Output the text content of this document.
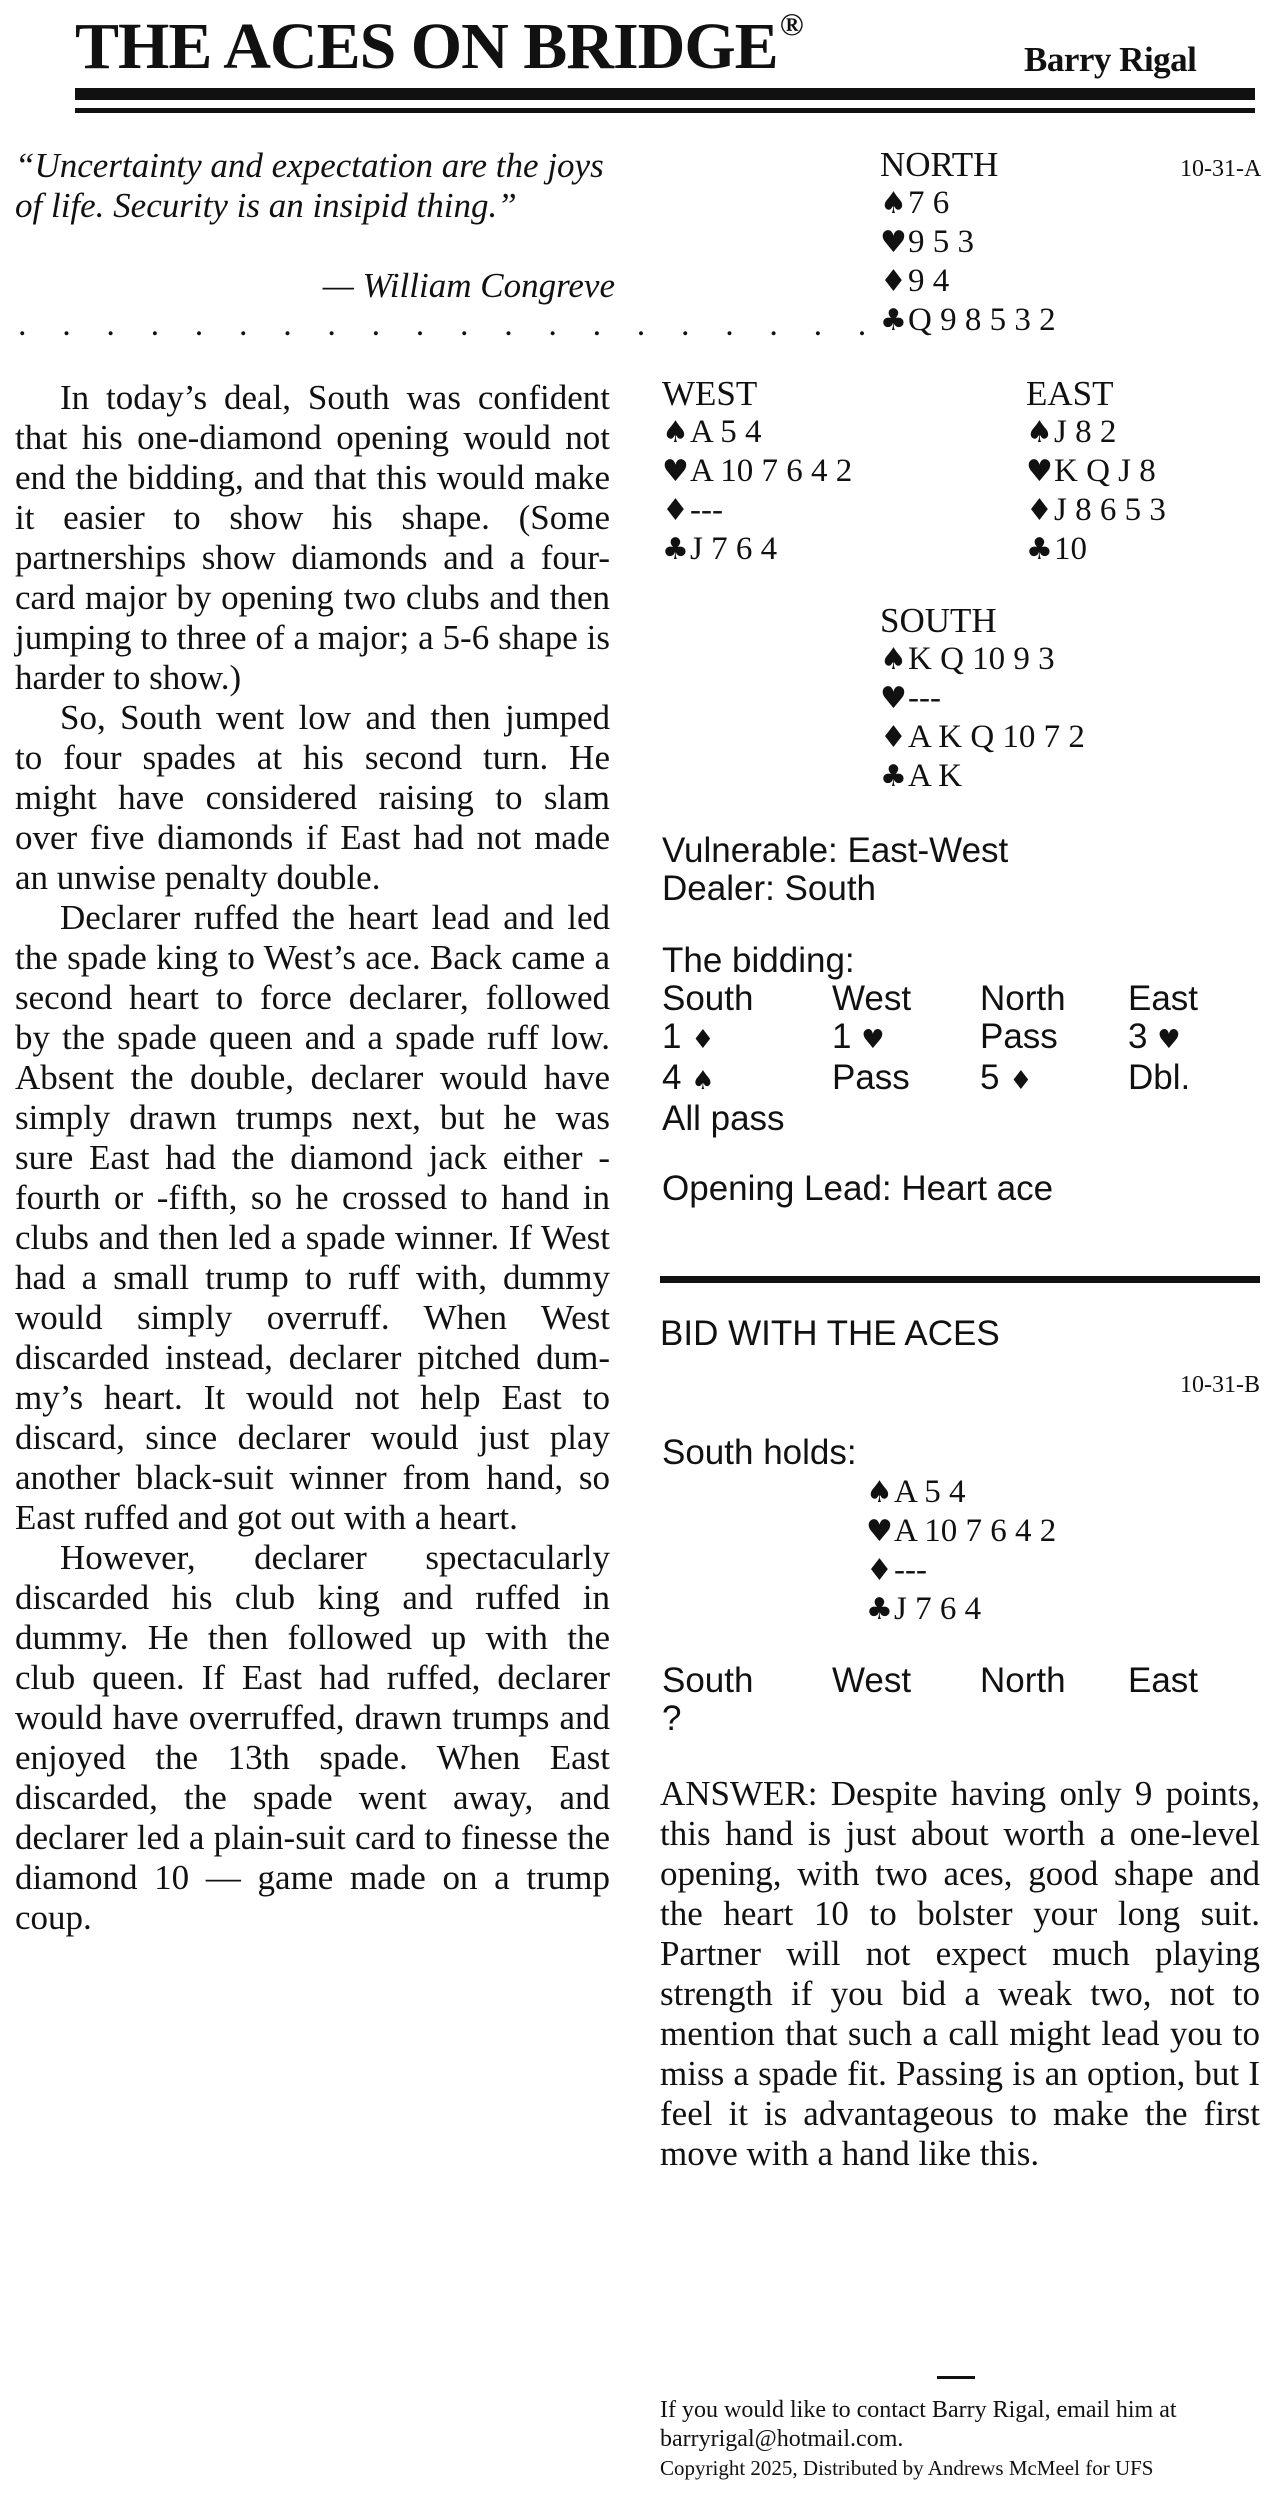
THE ACES ON BRIDGE®
Barry Rigal
“Uncertainty and expectation are the joys of life. Security is an insipid thing.”
— William Congreve
. . . . . . . . . . . . . . . . . . . .

In today’s deal, South was confident that his one-diamond opening would not end the bidding, and that this would make it easier to show his shape. (Some partnerships show diamonds and a four-card major by opening two clubs and then jumping to three of a major; a 5-6 shape is harder to show.)

So, South went low and then jumped to four spades at his second turn. He might have considered raising to slam over five diamonds if East had not made an unwise penalty double.

Declarer ruffed the heart lead and led the spade king to West’s ace. Back came a second heart to force declarer, followed by the spade queen and a spade ruff low. Absent the double, declarer would have simply drawn trumps next, but he was sure East had the diamond jack either -fourth or -fifth, so he crossed to hand in clubs and then led a spade winner. If West had a small trump to ruff with, dummy would simply overruff. When West discarded instead, declarer pitched dummy’s heart. It would not help East to discard, since declarer would just play another black-suit winner from hand, so East ruffed and got out with a heart.

However, declarer spectacularly discarded his club king and ruffed in dummy. He then followed up with the club queen. If East had ruffed, declarer would have overruffed, drawn trumps and enjoyed the 13th spade. When East discarded, the spade went away, and declarer led a plain-suit card to finesse the diamond 10 — game made on a trump coup.

10-31-A
NORTH
♠7 6
♥9 5 3
♦9 4
♣Q 9 8 5 3 2
WEST
♠A 5 4
♥A 10 7 6 4 2
♦---
♣J 7 6 4
EAST
♠J 8 2
♥K Q J 8
♦J 8 6 5 3
♣10
SOUTH
♠K Q 10 9 3
♥---
♦A K Q 10 7 2
♣A K
Vulnerable: East-West
Dealer: South
The bidding:
South	West	North	East
1 ♦	1 ♥	Pass	3 ♥
4 ♠	Pass	5 ♦	Dbl.
All pass
Opening Lead: Heart ace
BID WITH THE ACES
10-31-B
South holds:
♠A 5 4
♥A 10 7 6 4 2
♦---
♣J 7 6 4
South	West	North	East
?
ANSWER: Despite having only 9 points, this hand is just about worth a one-level opening, with two aces, good shape and the heart 10 to bolster your long suit. Partner will not expect much playing strength if you bid a weak two, not to mention that such a call might lead you to miss a spade fit. Passing is an option, but I feel it is advantageous to make the first move with a hand like this.
If you would like to contact Barry Rigal, email him at barryrigal@hotmail.com.
Copyright 2025, Distributed by Andrews McMeel for UFS
